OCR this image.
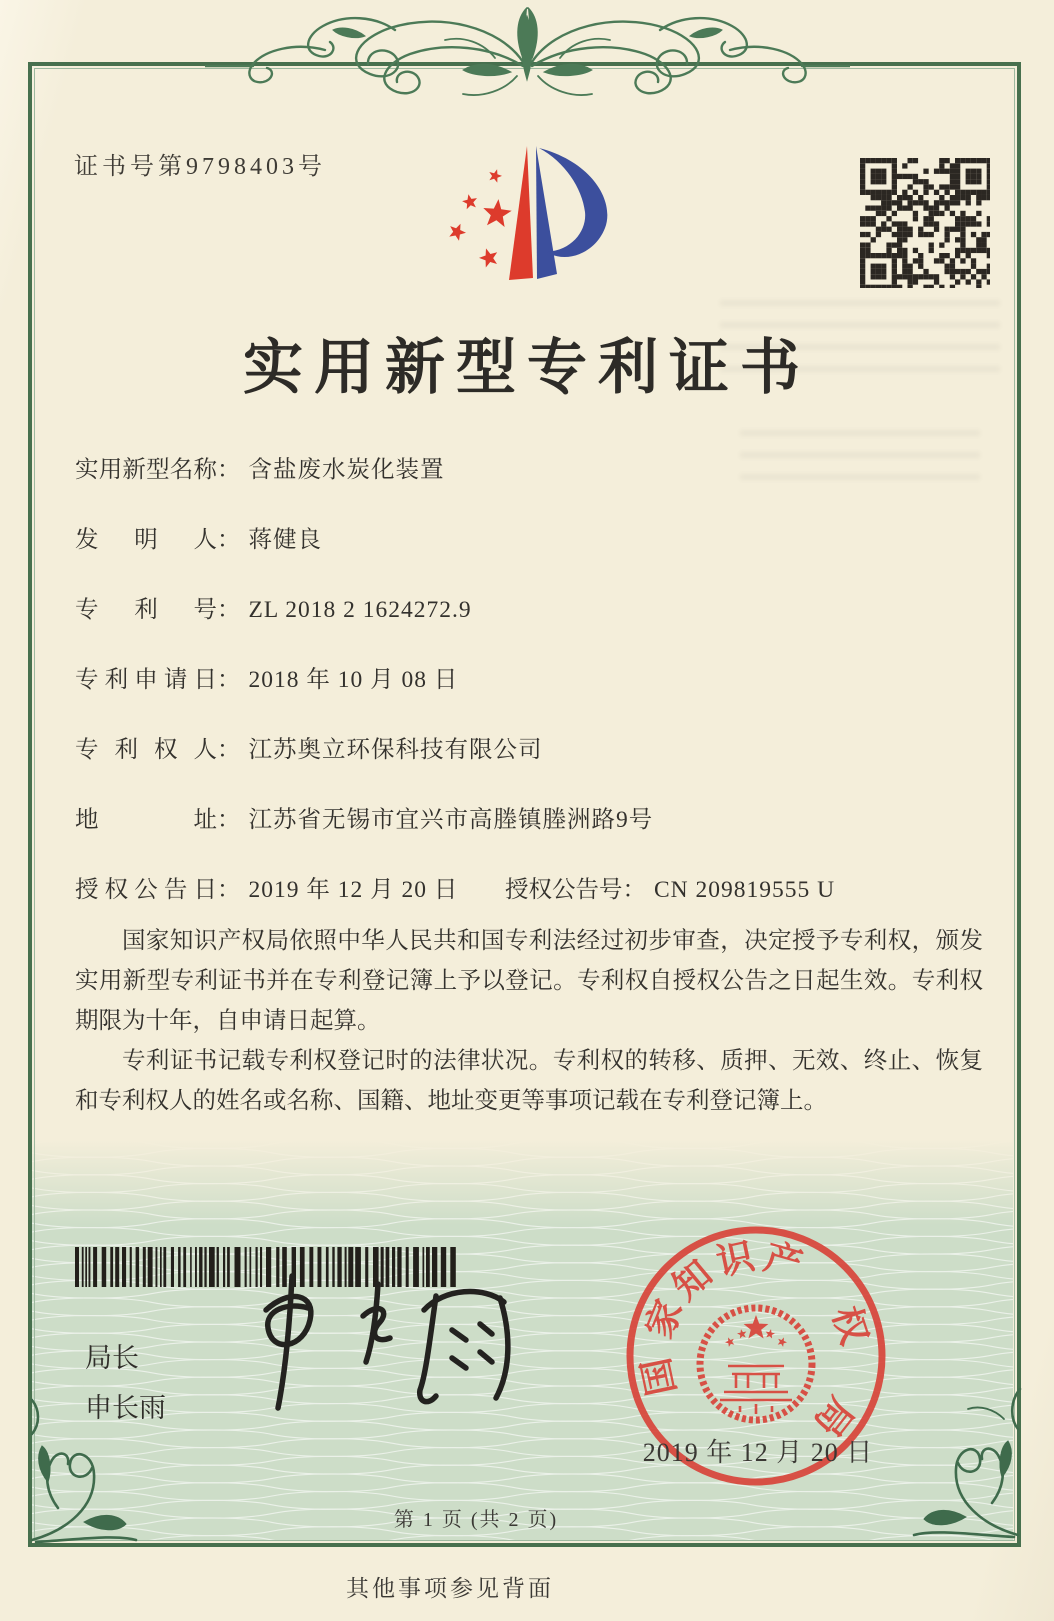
证书号第9798403号
实用新型专利证书
实用新型名称： 含盐废水炭化装置
发明人： 蒋健良
专利号： ZL 2018 2 1624272.9
专利申请日： 2018 年 10 月 08 日
专利权人： 江苏奥立环保科技有限公司
地址： 江苏省无锡市宜兴市高塍镇塍洲路9号
授权公告日： 2019 年 12 月 20 日 授权公告号： CN 209819555 U

国家知识产权局依照中华人民共和国专利法经过初步审查，决定授予专利权，颁发实用新型专利证书并在专利登记簿上予以登记。专利权自授权公告之日起生效。专利权期限为十年，自申请日起算。

专利证书记载专利权登记时的法律状况。专利权的转移、质押、无效、终止、恢复和专利权人的姓名或名称、国籍、地址变更等事项记载在专利登记簿上。

局长
申长雨
国
家
知
识 产
权
局
2019 年 12 月 20 日
第 1 页 (共 2 页)
其他事项参见背面
